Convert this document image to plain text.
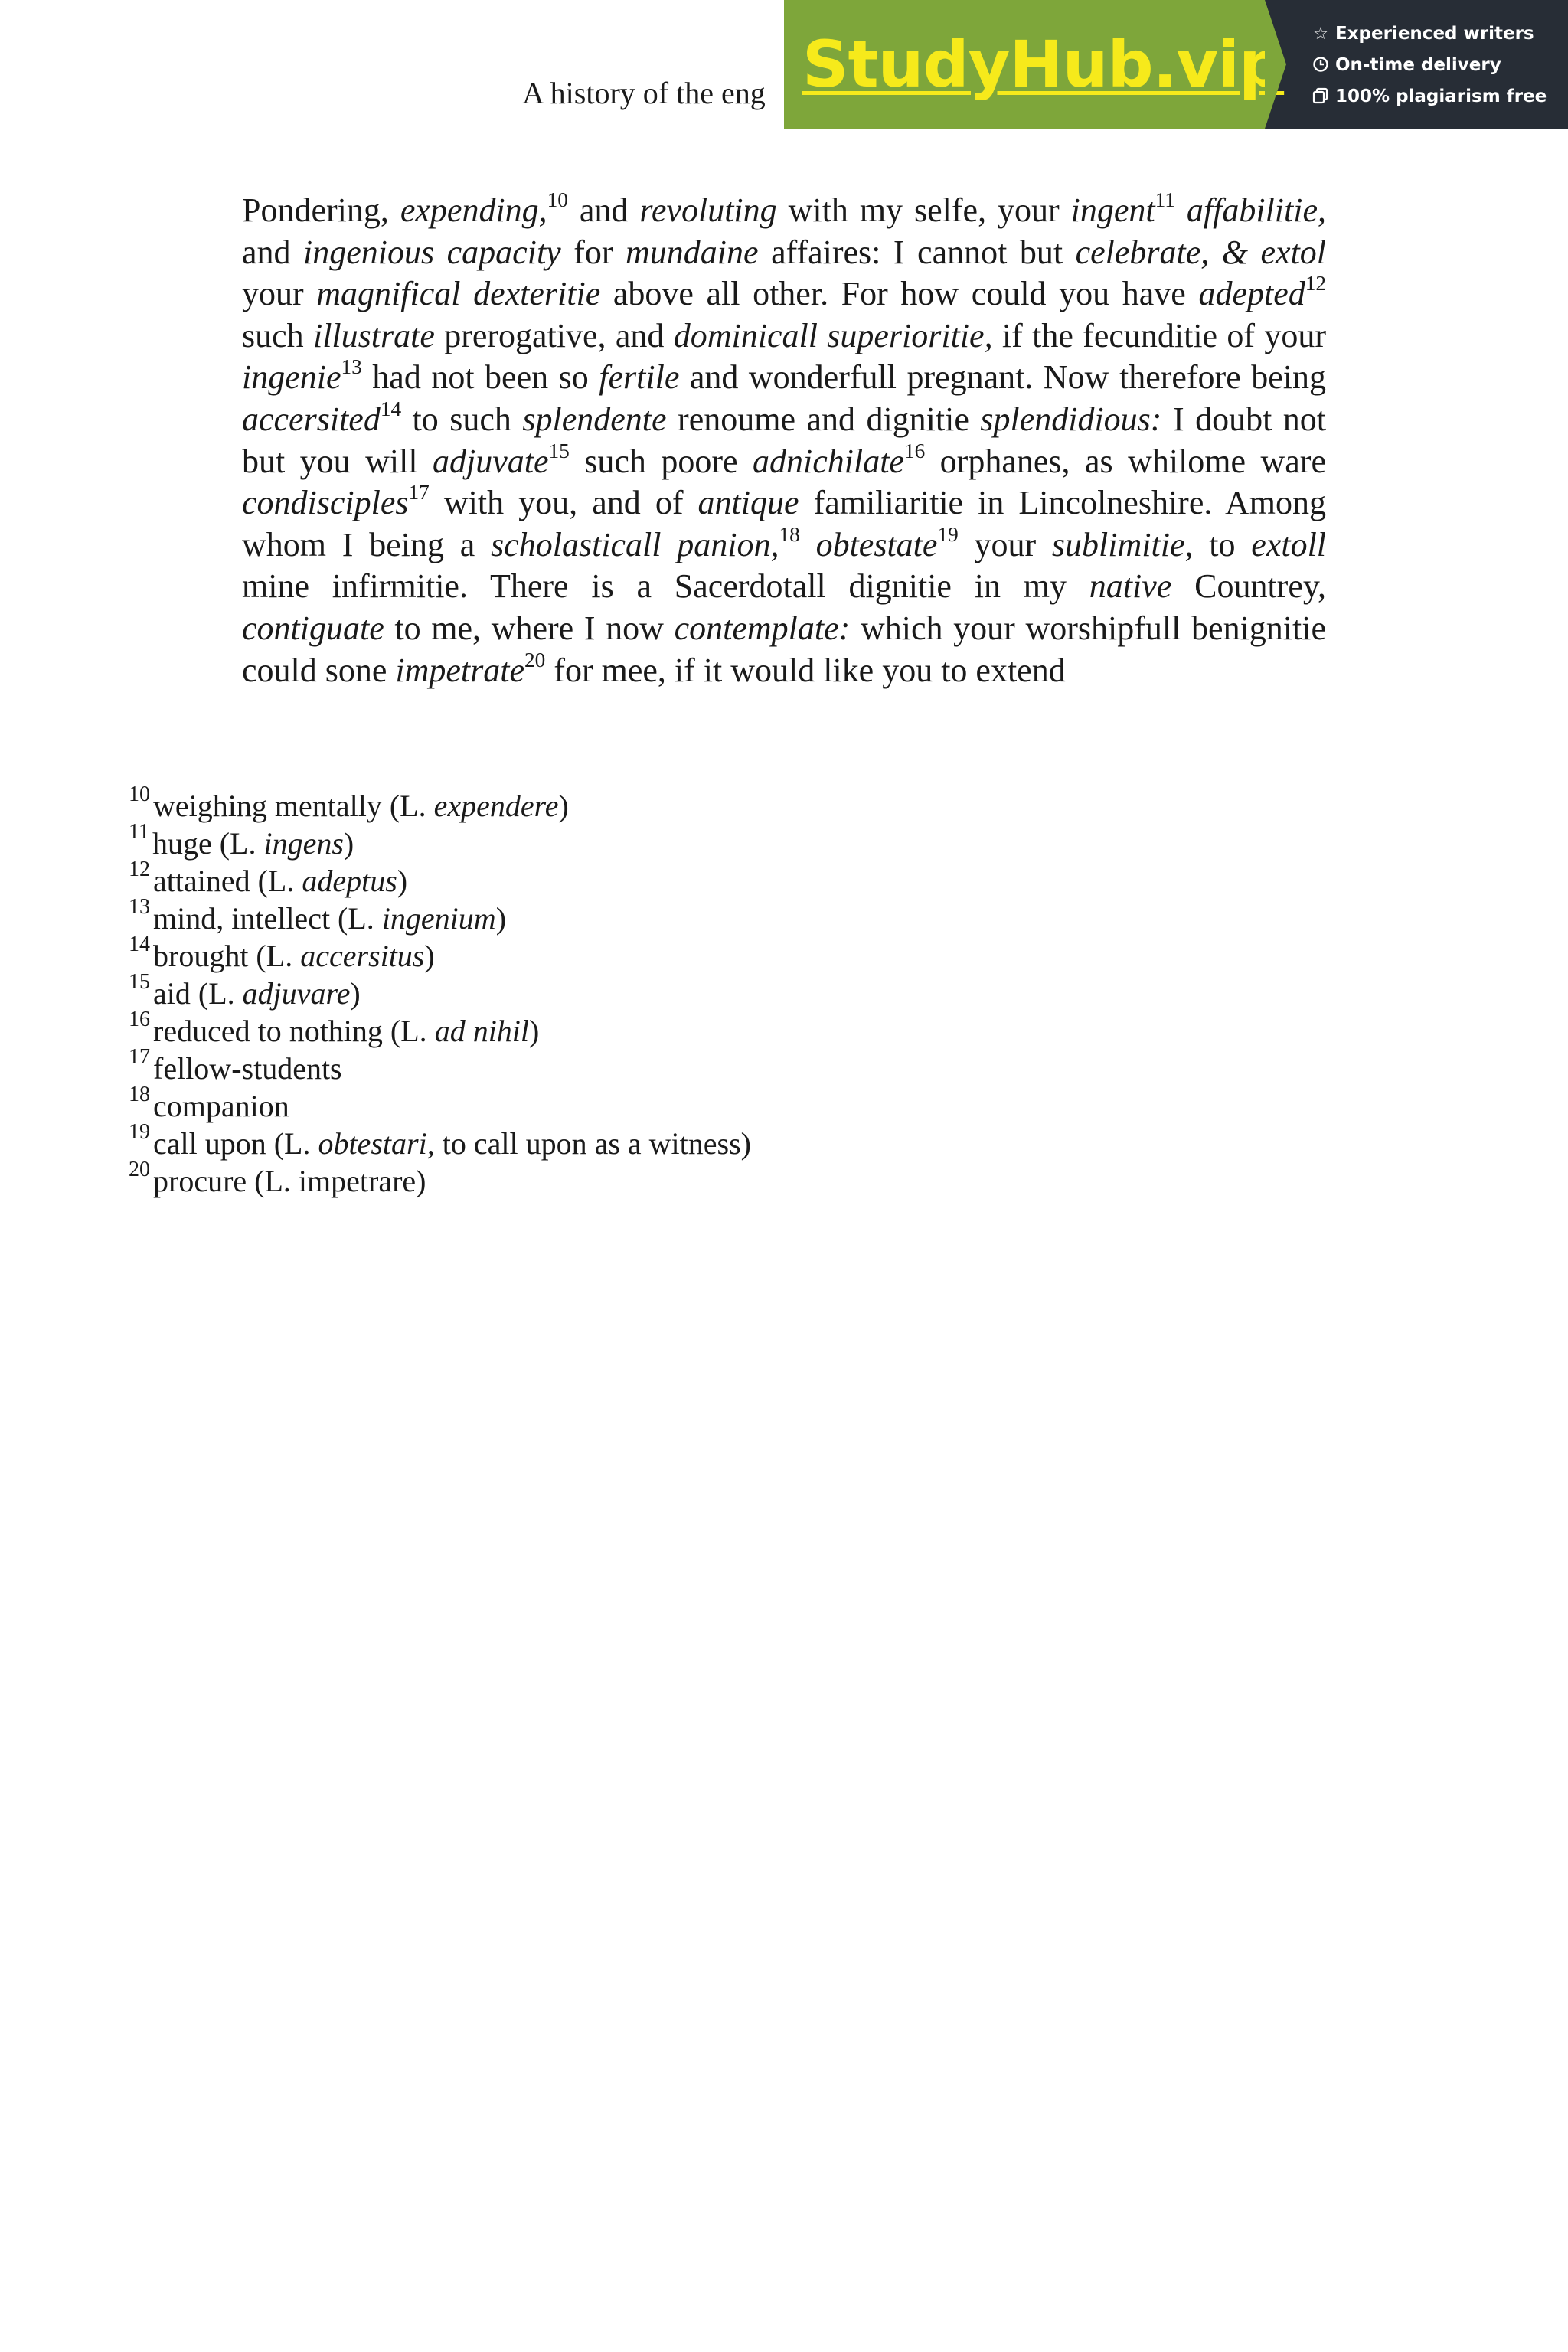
A history of the eng StudyHub.vip ☆ Experienced writers
On-time delivery
100% plagiarism free

Pondering, expending,$^{10}$ and revoluting with my selfe, your ingent$^{11}$ affabilitie, and ingenious capacity for mundaine affaires: I cannot but celebrate, & extol your magnifical dexteritie above all other. For how could you have adepted$^{12}$ such illustrate prerogative, and dominicall superioritie, if the fecunditie of your ingenie$^{13}$ had not been so fertile and wonderfull pregnant. Now therefore being accersited$^{14}$ to such splendente renoume and dignitie splendidious: I doubt not but you will adjuvate$^{15}$ such poore adnichilate$^{16}$ orphanes, as whilome ware condisciples$^{17}$ with you, and of antique familiaritie in Lincolneshire. Among whom I being a scholasticall panion,$^{18}$ obtestate$^{19}$ your sublimitie, to extoll mine infirmitie. There is a Sacerdotall dignitie in my native Countrey, contiguate to me, where I now contemplate: which your worshipfull benignitie could sone impetrate$^{20}$ for mee, if it would like you to extend

$^{10}$ weighing mentally (L. expendere)
$^{11}$ huge (L. ingens)
$^{12}$ attained (L. adeptus)
$^{13}$ mind, intellect (L. ingenium)
$^{14}$ brought (L. accersitus)
$^{15}$ aid (L. adjuvare)
$^{16}$ reduced to nothing (L. ad nihil)
$^{17}$ fellow-students
$^{18}$ companion
$^{19}$ call upon (L. obtestari, to call upon as a witness)
$^{20}$ procure (L. impetrare)
